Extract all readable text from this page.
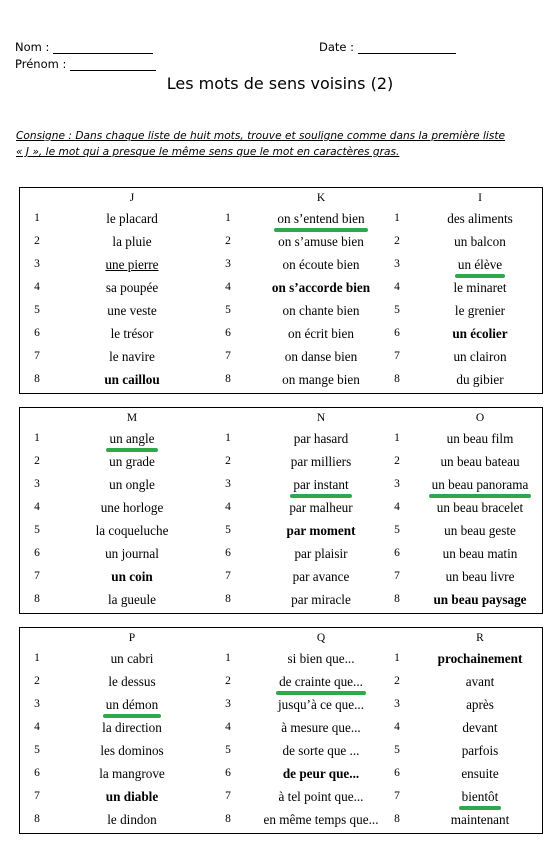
Nom :
Prénom :
Date :
Les mots de sens voisins (2)
Consigne : Dans chaque liste de huit mots, trouve et souligne comme dans la première liste
« J », le mot qui a presque le même sens que le mot en caractères gras.
J
1	le placard
2	la pluie
3	une pierre
4	sa poupée
5	une veste
6	le trésor
7	le navire
8	un caillou
K
1	on s’entend bien
2	on s’amuse bien
3	on écoute bien
4	on s’accorde bien
5	on chante bien
6	on écrit bien
7	on danse bien
8	on mange bien
I
1	des aliments
2	un balcon
3	un élève
4	le minaret
5	le grenier
6	un écolier
7	un clairon
8	du gibier
M
1	un angle
2	un grade
3	un ongle
4	une horloge
5	la coqueluche
6	un journal
7	un coin
8	la gueule
N
1	par hasard
2	par milliers
3	par instant
4	par malheur
5	par moment
6	par plaisir
7	par avance
8	par miracle
O
1	un beau film
2	un beau bateau
3	un beau panorama
4	un beau bracelet
5	un beau geste
6	un beau matin
7	un beau livre
8	un beau paysage
P
1	un cabri
2	le dessus
3	un démon
4	la direction
5	les dominos
6	la mangrove
7	un diable
8	le dindon
Q
1	si bien que...
2	de crainte que...
3	jusqu’à ce que...
4	à mesure que...
5	de sorte que ...
6	de peur que...
7	à tel point que...
8	en même temps que...
R
1	prochainement
2	avant
3	après
4	devant
5	parfois
6	ensuite
7	bientôt
8	maintenant
